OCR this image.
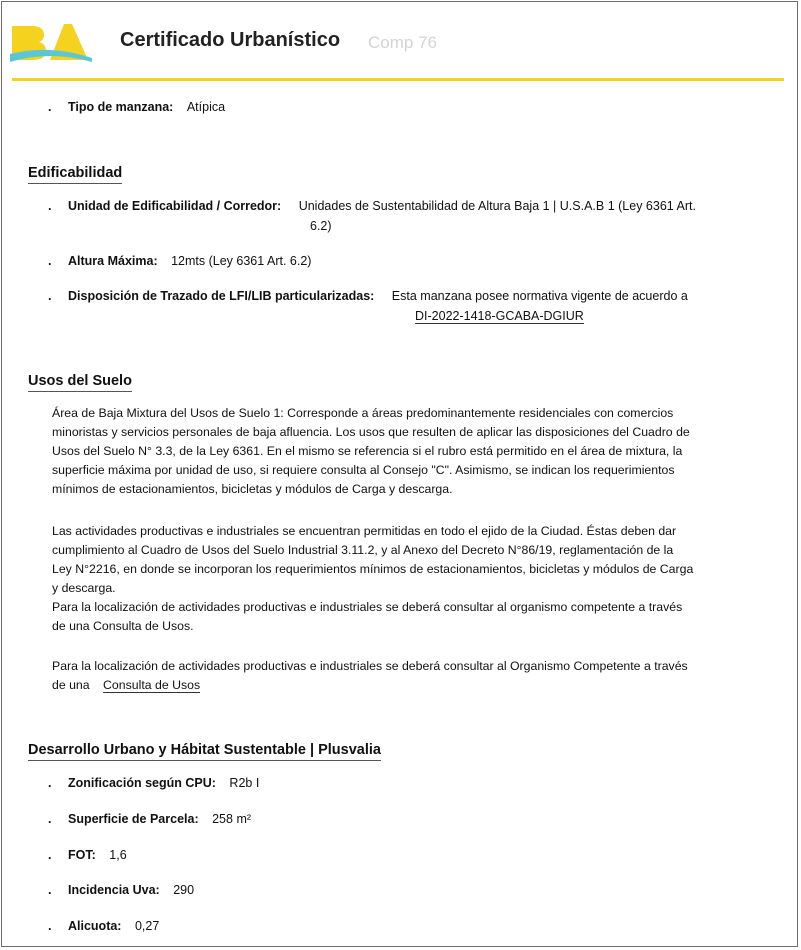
Certificado Urbanístico Comp 76
. Tipo de manzana: Atípica
Edificabilidad
. Unidad de Edificabilidad / Corredor: Unidades de Sustentabilidad de Altura Baja 1 | U.S.A.B 1 (Ley 6361 Art.
6.2)
. Altura Máxima: 12mts (Ley 6361 Art. 6.2)
. Disposición de Trazado de LFI/LIB particularizadas: Esta manzana posee normativa vigente de acuerdo a
DI-2022-1418-GCABA-DGIUR
Usos del Suelo
Área de Baja Mixtura del Usos de Suelo 1: Corresponde a áreas predominantemente residenciales con comercios
minoristas y servicios personales de baja afluencia. Los usos que resulten de aplicar las disposiciones del Cuadro de
Usos del Suelo N° 3.3, de la Ley 6361. En el mismo se referencia si el rubro está permitido en el área de mixtura, la
superficie máxima por unidad de uso, si requiere consulta al Consejo "C". Asimismo, se indican los requerimientos
mínimos de estacionamientos, bicicletas y módulos de Carga y descarga.
Las actividades productivas e industriales se encuentran permitidas en todo el ejido de la Ciudad. Éstas deben dar
cumplimiento al Cuadro de Usos del Suelo Industrial 3.11.2, y al Anexo del Decreto N°86/19, reglamentación de la
Ley N°2216, en donde se incorporan los requerimientos mínimos de estacionamientos, bicicletas y módulos de Carga
y descarga.
Para la localización de actividades productivas e industriales se deberá consultar al organismo competente a través
de una Consulta de Usos.
Para la localización de actividades productivas e industriales se deberá consultar al Organismo Competente a través
de una Consulta de Usos
Desarrollo Urbano y Hábitat Sustentable | Plusvalia
. Zonificación según CPU: R2b I
. Superficie de Parcela: 258 m²
. FOT: 1,6
. Incidencia Uva: 290
. Alicuota: 0,27
